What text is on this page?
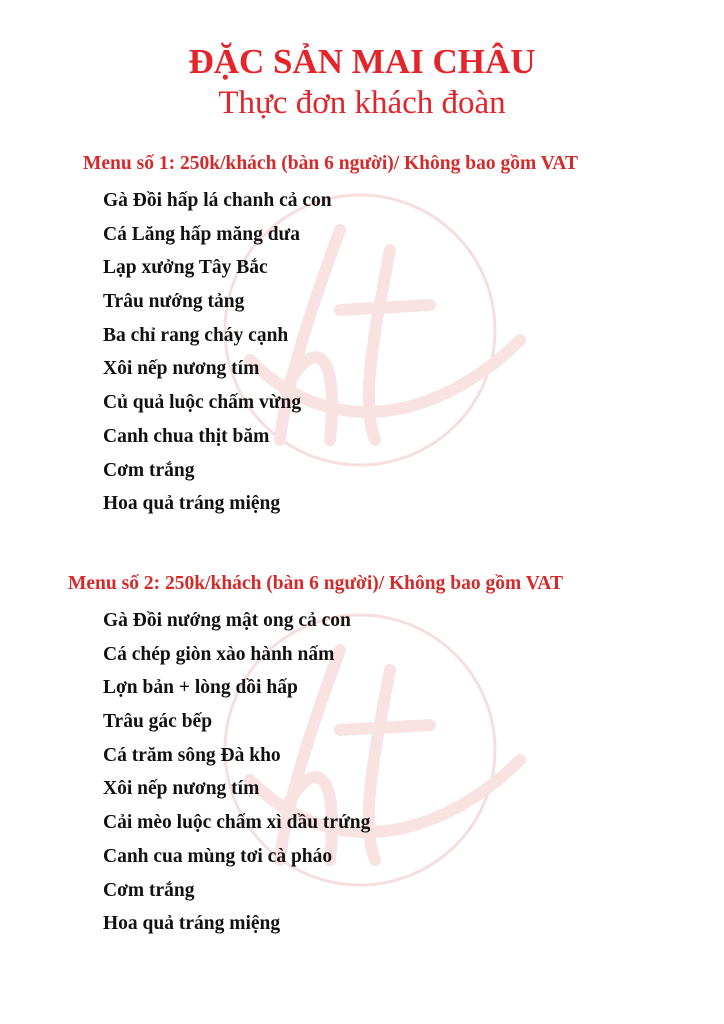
ĐẶC SẢN MAI CHÂU
Thực đơn khách đoàn
Menu số 1: 250k/khách (bàn 6 người)/ Không bao gồm VAT
Gà Đồi hấp lá chanh cả con
Cá Lăng hấp măng dưa
Lạp xưởng Tây Bắc
Trâu nướng tảng
Ba chỉ rang cháy cạnh
Xôi nếp nương tím
Củ quả luộc chấm vừng
Canh chua thịt băm
Cơm trắng
Hoa quả tráng miệng
Menu số 2: 250k/khách (bàn 6 người)/ Không bao gồm VAT
Gà Đồi nướng mật ong cả con
Cá chép giòn xào hành nấm
Lợn bản + lòng dồi hấp
Trâu gác bếp
Cá trăm sông Đà kho
Xôi nếp nương tím
Cải mèo luộc chấm xì dầu trứng
Canh cua mùng tơi cà pháo
Cơm trắng
Hoa quả tráng miệng
